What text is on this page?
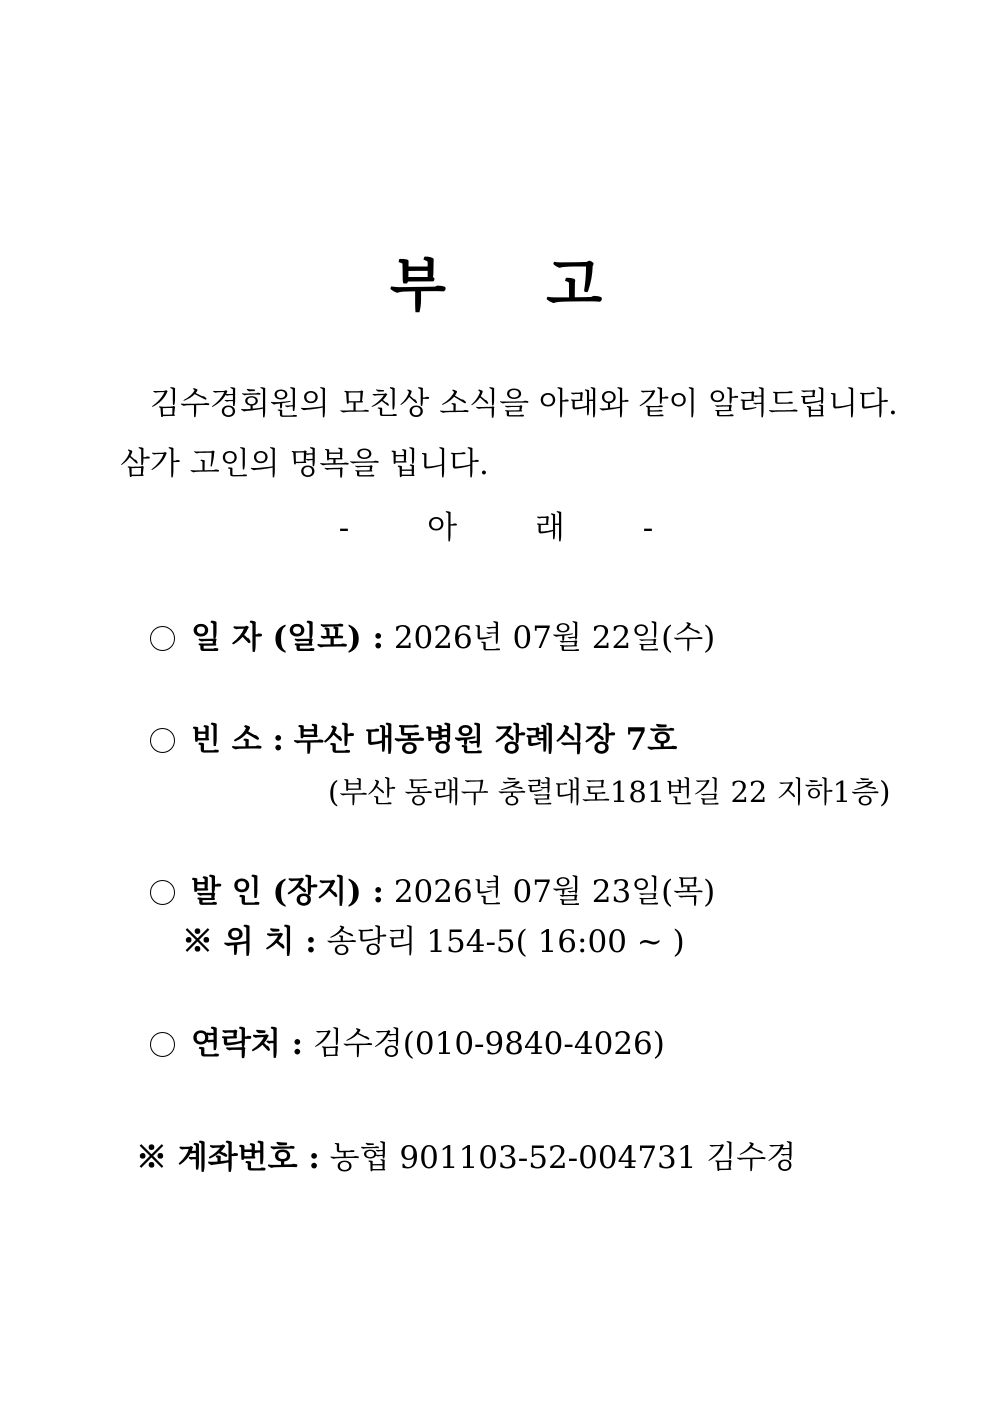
부 고
김수경회원의 모친상 소식을 아래와 같이 알려드립니다.
삼가 고인의 명복을 빕니다.
-	아	래	-
일 자 (일포) : 2026년 07월 22일(수)
빈 소 : 부산 대동병원 장례식장 7호
(부산 동래구 충렬대로181번길 22 지하1층)
발 인 (장지) : 2026년 07월 23일(목)
※ 위 치 : 송당리 154-5( 16:00 ~ )
연락처 : 김수경(010-9840-4026)
※ 계좌번호 : 농협 901103-52-004731 김수경
